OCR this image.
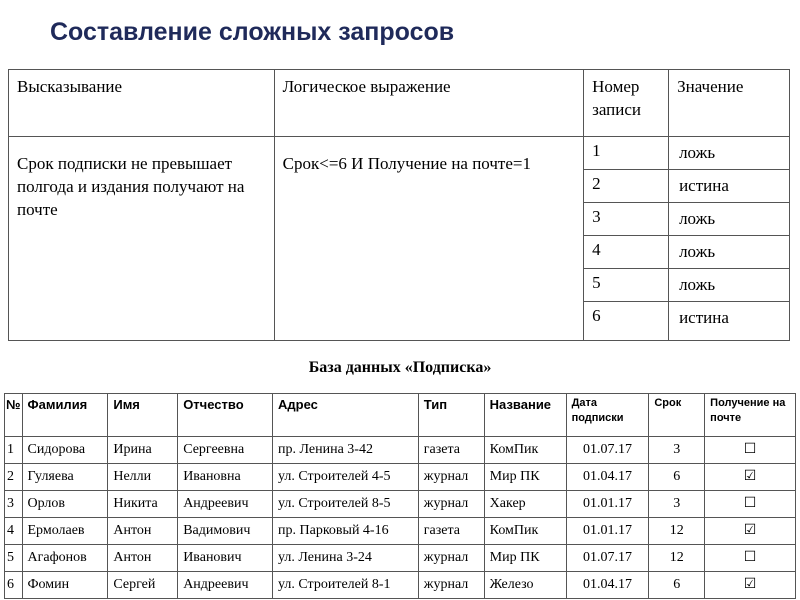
Составление сложных запросов
Высказывание	Логическое выражение	Номер записи	Значение
Срок подписки не превышает полгода и издания получают на почте	Срок<=6 И Получение на почте=1	1	ложь
		2	истина
		3	ложь
		4	ложь
		5	ложь
		6	истина
База данных «Подписка»
№	Фамилия	Имя	Отчество	Адрес	Тип	Название	Дата подписки	Срок	Получение на почте
1	Сидорова	Ирина	Сергеевна	пр. Ленина 3-42	газета	КомПик	01.07.17	3	☐
2	Гуляева	Нелли	Ивановна	ул. Строителей 4-5	журнал	Мир ПК	01.04.17	6	☑
3	Орлов	Никита	Андреевич	ул. Строителей 8-5	журнал	Хакер	01.01.17	3	☐
4	Ермолаев	Антон	Вадимович	пр. Парковый 4-16	газета	КомПик	01.01.17	12	☑
5	Агафонов	Антон	Иванович	ул. Ленина 3-24	журнал	Мир ПК	01.07.17	12	☐
6	Фомин	Сергей	Андреевич	ул. Строителей 8-1	журнал	Железо	01.04.17	6	☑
